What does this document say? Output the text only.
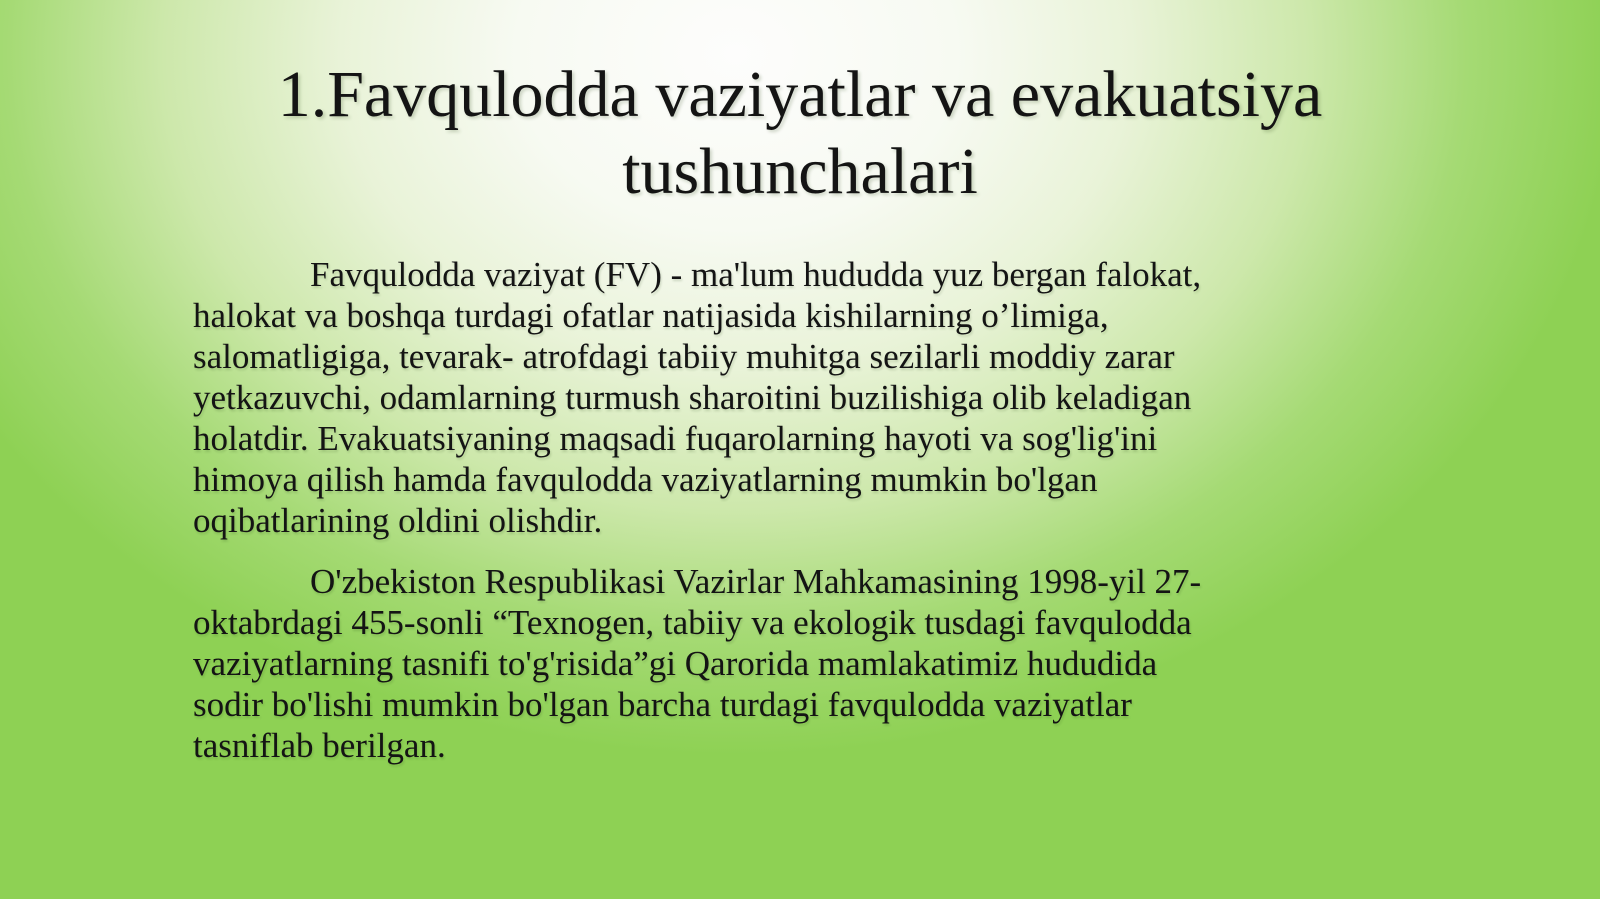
1.Favqulodda vaziyatlar va evakuatsiya
tushunchalari
Favqulodda vaziyat (FV) - ma'lum hududda yuz bergan falokat,
halokat va boshqa turdagi ofatlar natijasida kishilarning o’limiga,
salomatligiga, tevarak- atrofdagi tabiiy muhitga sezilarli moddiy zarar
yetkazuvchi, odamlarning turmush sharoitini buzilishiga olib keladigan
holatdir. Evakuatsiyaning maqsadi fuqarolarning hayoti va sog'lig'ini
himoya qilish hamda favqulodda vaziyatlarning mumkin bo'lgan
oqibatlarining oldini olishdir.
O'zbekiston Respublikasi Vazirlar Mahkamasining 1998-yil 27-
oktabrdagi 455-sonli “Texnogen, tabiiy va ekologik tusdagi favqulodda
vaziyatlarning tasnifi to'g'risida”gi Qarorida mamlakatimiz hududida
sodir bo'lishi mumkin bo'lgan barcha turdagi favqulodda vaziyatlar
tasniflab berilgan.
